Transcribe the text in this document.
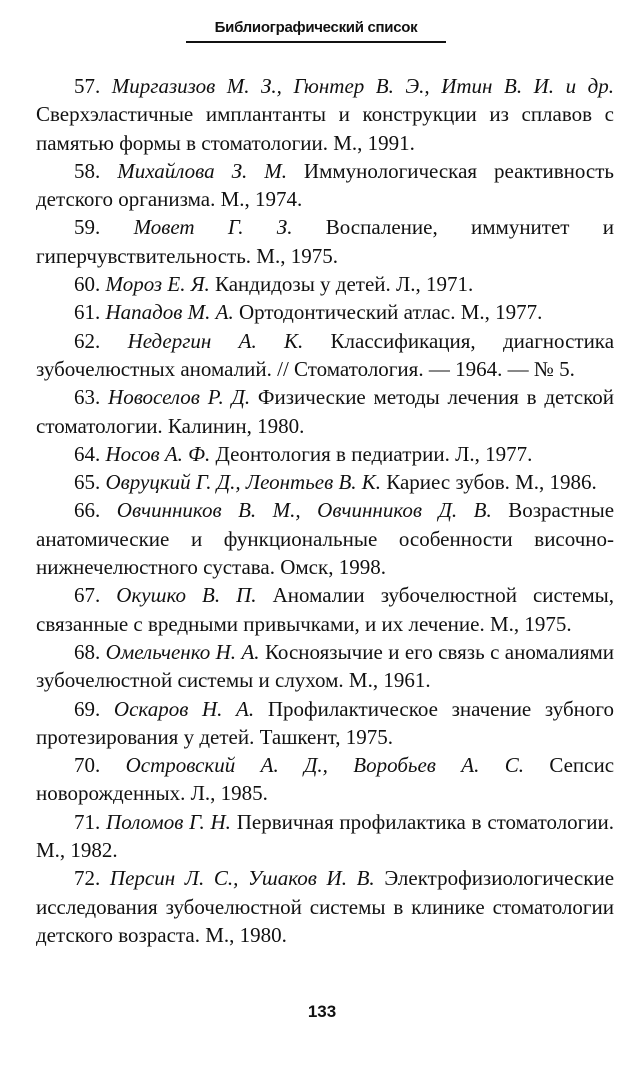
Библиографический список

57. Миргазизов М. З., Гюнтер В. Э., Итин В. И. и др. Сверхэластичные имплантанты и конструкции из сплавов с памятью формы в стоматологии. М., 1991.

58. Михайлова З. М. Иммунологическая реактивность детского организма. М., 1974.

59. Мовет Г. З. Воспаление, иммунитет и гиперчувствительность. М., 1975.

60. Мороз Е. Я. Кандидозы у детей. Л., 1971.

61. Нападов М. А. Ортодонтический атлас. М., 1977.

62. Недергин А. К. Классификация, диагностика зубочелюстных аномалий. // Стоматология. — 1964. — № 5.

63. Новоселов Р. Д. Физические методы лечения в детской стоматологии. Калинин, 1980.

64. Носов А. Ф. Деонтология в педиатрии. Л., 1977.

65. Овруцкий Г. Д., Леонтьев В. К. Кариес зубов. М., 1986.

66. Овчинников В. М., Овчинников Д. В. Возрастные анатомические и функциональные особенности височно-нижнечелюстного сустава. Омск, 1998.

67. Окушко В. П. Аномалии зубочелюстной системы, связанные с вредными привычками, и их лечение. М., 1975.

68. Омельченко Н. А. Косноязычие и его связь с аномалиями зубочелюстной системы и слухом. М., 1961.

69. Оскаров Н. А. Профилактическое значение зубного протезирования у детей. Ташкент, 1975.

70. Островский А. Д., Воробьев А. С. Сепсис новорожденных. Л., 1985.

71. Поломов Г. Н. Первичная профилактика в стоматологии. М., 1982.

72. Персин Л. С., Ушаков И. В. Электрофизиологические исследования зубочелюстной системы в клинике стоматологии детского возраста. М., 1980.

133
